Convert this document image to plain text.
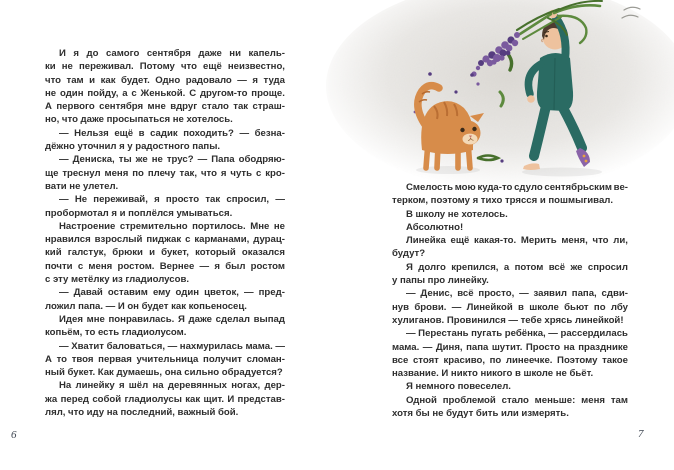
И я до самого сентября даже ни капель-
ки не переживал. Потому что ещё неизвестно,
что там и как будет. Одно радовало — я туда
не один пойду, а с Женькой. С другом-то проще.
А первого сентября мне вдруг стало так страш-
но, что даже просыпаться не хотелось.
— Нельзя ещё в садик походить? — безна-
дёжно уточнил я у радостного папы.
— Дениска, ты же не трус? — Папа ободряю-
ще треснул меня по плечу так, что я чуть с кро-
вати не улетел.
— Не переживай, я просто так спросил, —
пробормотал я и поплёлся умываться.
Настроение стремительно портилось. Мне не
нравился взрослый пиджак с карманами, дурац-
кий галстук, брюки и букет, который оказался
почти с меня ростом. Вернее — я был ростом
с эту метёлку из гладиолусов.
— Давай оставим ему один цветок, — пред-
ложил папа. — И он будет как копьеносец.
Идея мне понравилась. Я даже сделал выпад
копьём, то есть гладиолусом.
— Хватит баловаться, — нахмурилась мама. —
А то твоя первая учительница получит сломан-
ный букет. Как думаешь, она сильно обрадуется?
На линейку я шёл на деревянных ногах, дер-
жа перед собой гладиолусы как щит. И представ-
лял, что иду на последний, важный бой.
6
Смелость мою куда-то сдуло сентябрьским ве-
терком, поэтому я тихо трясся и пошмыгивал.
В школу не хотелось.
Абсолютно!
Линейка ещё какая-то. Мерить меня, что ли,
будут?
Я долго крепился, а потом всё же спросил
у папы про линейку.
— Денис, всё просто, — заявил папа, сдви-
нув брови. — Линейкой в школе бьют по лбу
хулиганов. Провинился — тебе хрясь линейкой!
— Перестань пугать ребёнка, — рассердилась
мама. — Диня, папа шутит. Просто на празднике
все стоят красиво, по линеечке. Поэтому такое
название. И никто никого в школе не бьёт.
Я немного повеселел.
Одной проблемой стало меньше: меня там
хотя бы не будут бить или измерять.
7
